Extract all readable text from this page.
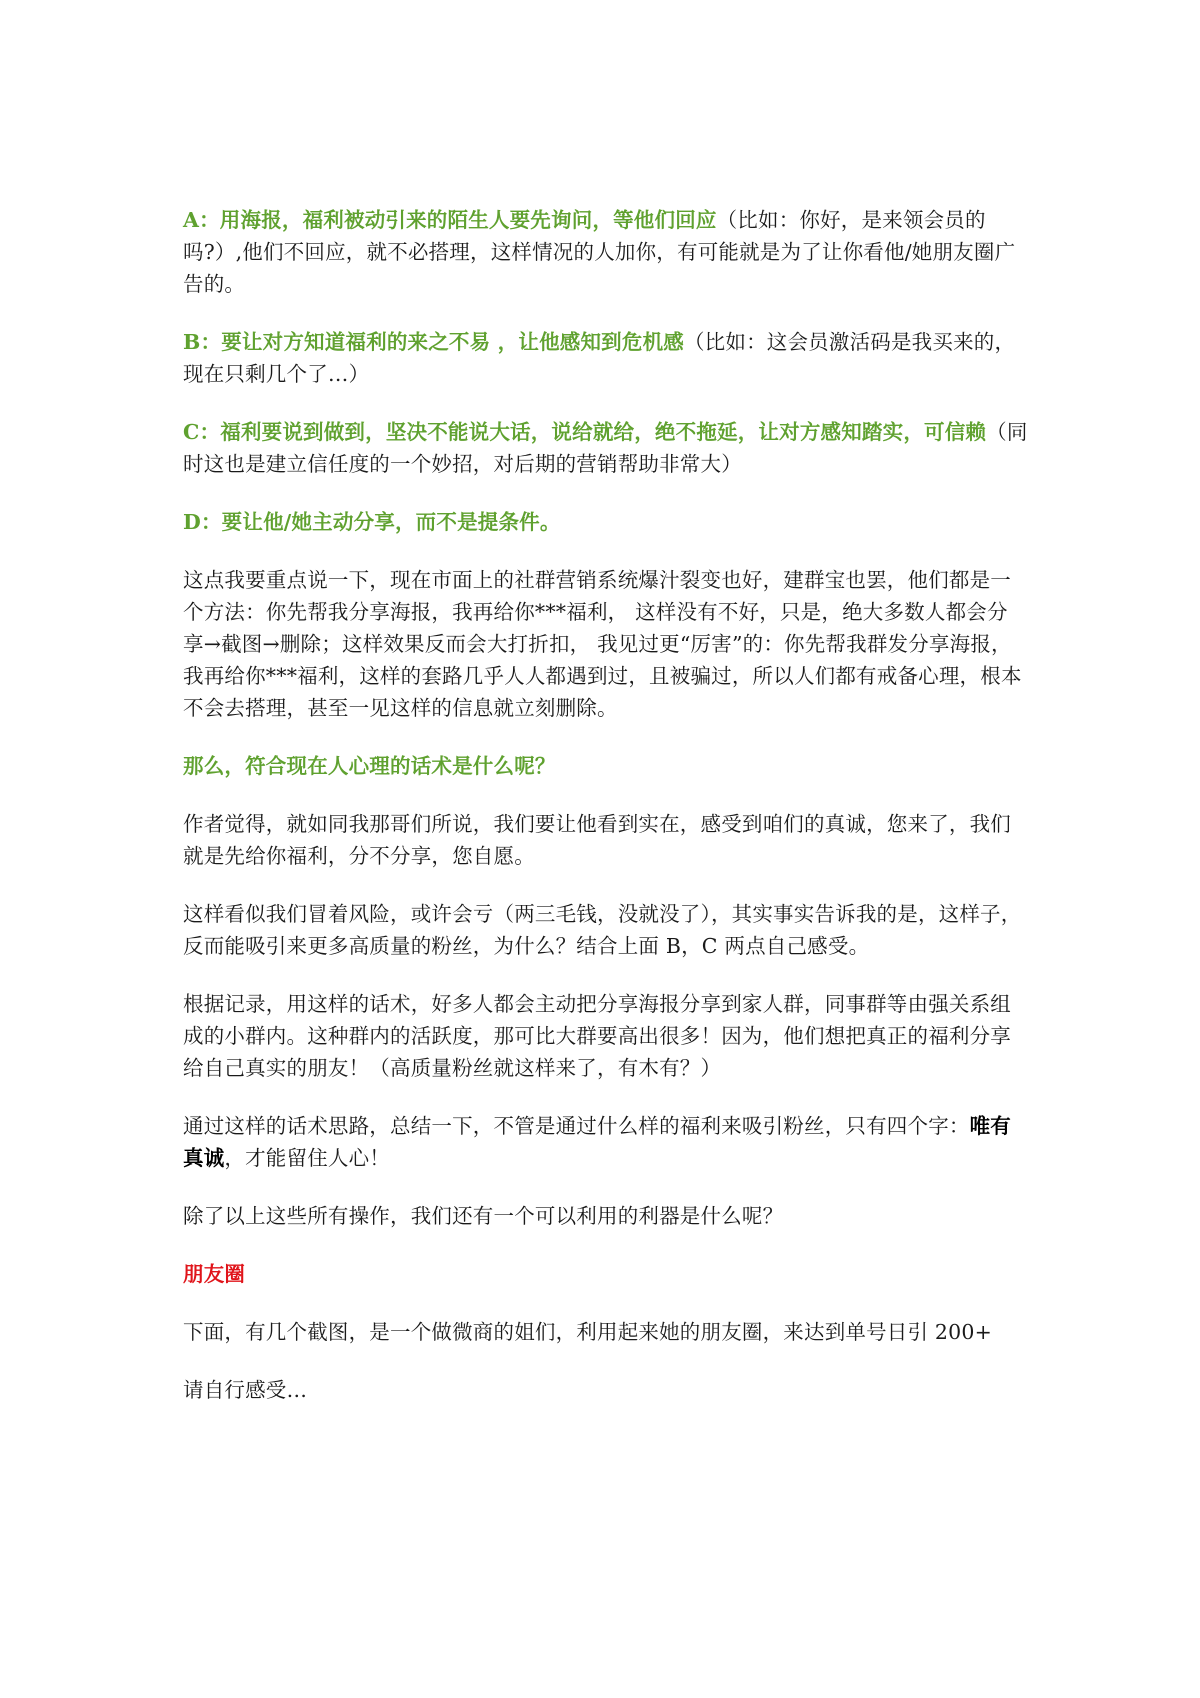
A：用海报，福利被动引来的陌生人要先询问，等他们回应（比如：你好，是来领会员的吗?）,他们不回应，就不必搭理，这样情况的人加你，有可能就是为了让你看他/她朋友圈广告的。

B：要让对方知道福利的来之不易 ，让他感知到危机感（比如：这会员激活码是我买来的，现在只剩几个了…）

C：福利要说到做到，坚决不能说大话，说给就给，绝不拖延，让对方感知踏实，可信赖（同时这也是建立信任度的一个妙招，对后期的营销帮助非常大）

D：要让他/她主动分享，而不是提条件。

这点我要重点说一下，现在市面上的社群营销系统爆汁裂变也好，建群宝也罢，他们都是一个方法：你先帮我分享海报，我再给你***福利， 这样没有不好，只是，绝大多数人都会分享→截图→删除；这样效果反而会大打折扣， 我见过更“厉害”的：你先帮我群发分享海报，我再给你***福利，这样的套路几乎人人都遇到过，且被骗过，所以人们都有戒备心理，根本不会去搭理，甚至一见这样的信息就立刻删除。

那么，符合现在人心理的话术是什么呢？

作者觉得，就如同我那哥们所说，我们要让他看到实在，感受到咱们的真诚，您来了，我们就是先给你福利，分不分享，您自愿。

这样看似我们冒着风险，或许会亏（两三毛钱，没就没了），其实事实告诉我的是，这样子，反而能吸引来更多高质量的粉丝，为什么？结合上面 B，C 两点自己感受。

根据记录，用这样的话术，好多人都会主动把分享海报分享到家人群，同事群等由强关系组成的小群内。这种群内的活跃度，那可比大群要高出很多！因为，他们想把真正的福利分享给自己真实的朋友！（高质量粉丝就这样来了，有木有？）

通过这样的话术思路，总结一下，不管是通过什么样的福利来吸引粉丝，只有四个字：唯有真诚，才能留住人心！

除了以上这些所有操作，我们还有一个可以利用的利器是什么呢？

朋友圈

下面，有几个截图，是一个做微商的姐们，利用起来她的朋友圈，来达到单号日引 200+

请自行感受…
